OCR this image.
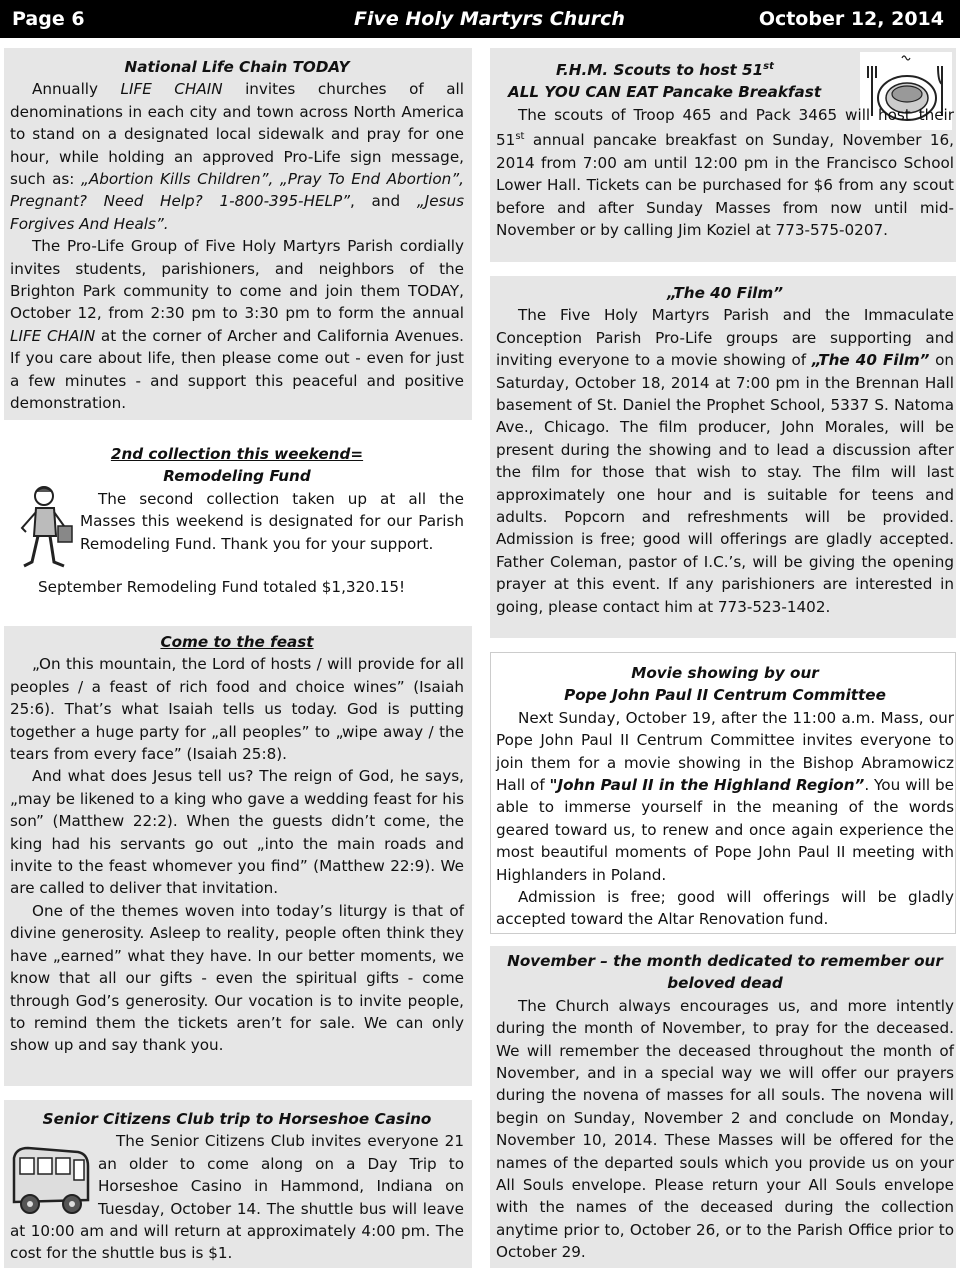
Page 6	Five Holy Martyrs Church	October 12, 2014

National Life Chain TODAY

Annually LIFE CHAIN invites churches of all denominations in each city and town across North America to stand on a designated local sidewalk and pray for one hour, while holding an approved Pro-Life sign message, such as: „Abortion Kills Children”, „Pray To End Abortion”, Pregnant? Need Help? 1-800-395-HELP”, and „Jesus Forgives And Heals”.

The Pro-Life Group of Five Holy Martyrs Parish cordially invites students, parishioners, and neighbors of the Brighton Park community to come and join them TODAY, October 12, from 2:30 pm to 3:30 pm to form the annual LIFE CHAIN at the corner of Archer and California Avenues. If you care about life, then please come out - even for just a few minutes - and support this peaceful and positive demonstration.

2nd collection this weekend=

Remodeling Fund

The second collection taken up at all the Masses this weekend is designated for our Parish Remodeling Fund. Thank you for your support.

September Remodeling Fund totaled $1,320.15!

Come to the feast

„On this mountain, the Lord of hosts / will provide for all peoples / a feast of rich food and choice wines” (Isaiah 25:6). That’s what Isaiah tells us today. God is putting together a huge party for „all peoples” to „wipe away / the tears from every face” (Isaiah 25:8).

And what does Jesus tell us? The reign of God, he says, „may be likened to a king who gave a wedding feast for his son” (Matthew 22:2). When the guests didn’t come, the king had his servants go out „into the main roads and invite to the feast whomever you find” (Matthew 22:9). We are called to deliver that invitation.

One of the themes woven into today’s liturgy is that of divine generosity. Asleep to reality, people often think they have „earned” what they have. In our better moments, we know that all our gifts - even the spiritual gifts - come through God’s generosity. Our vocation is to invite people, to remind them the tickets aren’t for sale. We can only show up and say thank you.

Senior Citizens Club trip to Horseshoe Casino

The Senior Citizens Club invites everyone 21 an older to come along on a Day Trip to Horseshoe Casino in Hammond, Indiana on Tuesday, October 14. The shuttle bus will leave at 10:00 am and will return at approximately 4:00 pm. The cost for the shuttle bus is $1.

F.H.M. Scouts to host 51st

ALL YOU CAN EAT Pancake Breakfast

The scouts of Troop 465 and Pack 3465 will host their 51st annual pancake breakfast on Sunday, November 16, 2014 from 7:00 am until 12:00 pm in the Francisco School Lower Hall. Tickets can be purchased for $6 from any scout before and after Sunday Masses from now until mid-November or by calling Jim Koziel at 773-575-0207.

„The 40 Film”

The Five Holy Martyrs Parish and the Immaculate Conception Parish Pro-Life groups are supporting and inviting everyone to a movie showing of „The 40 Film” on Saturday, October 18, 2014 at 7:00 pm in the Brennan Hall basement of St. Daniel the Prophet School, 5337 S. Natoma Ave., Chicago. The film producer, John Morales, will be present during the showing and to lead a discussion after the film for those that wish to stay. The film will last approximately one hour and is suitable for teens and adults. Popcorn and refreshments will be provided. Admission is free; good will offerings are gladly accepted. Father Coleman, pastor of I.C.’s, will be giving the opening prayer at this event. If any parishioners are interested in going, please contact him at 773-523-1402.

Movie showing by our

Pope John Paul II Centrum Committee

Next Sunday, October 19, after the 11:00 a.m. Mass, our Pope John Paul II Centrum Committee invites everyone to join them for a movie showing in the Bishop Abramowicz Hall of "John Paul II in the Highland Region”. You will be able to immerse yourself in the meaning of the words geared toward us, to renew and once again experience the most beautiful moments of Pope John Paul II meeting with Highlanders in Poland.

Admission is free; good will offerings will be gladly accepted toward the Altar Renovation fund.

November – the month dedicated to remember our beloved dead

The Church always encourages us, and more intently during the month of November, to pray for the deceased. We will remember the deceased throughout the month of November, and in a special way we will offer our prayers during the novena of masses for all souls. The novena will begin on Sunday, November 2 and conclude on Monday, November 10, 2014. These Masses will be offered for the names of the departed souls which you provide us on your All Souls envelope. Please return your All Souls envelope with the names of the deceased during the collection anytime prior to, October 26, or to the Parish Office prior to October 29.
